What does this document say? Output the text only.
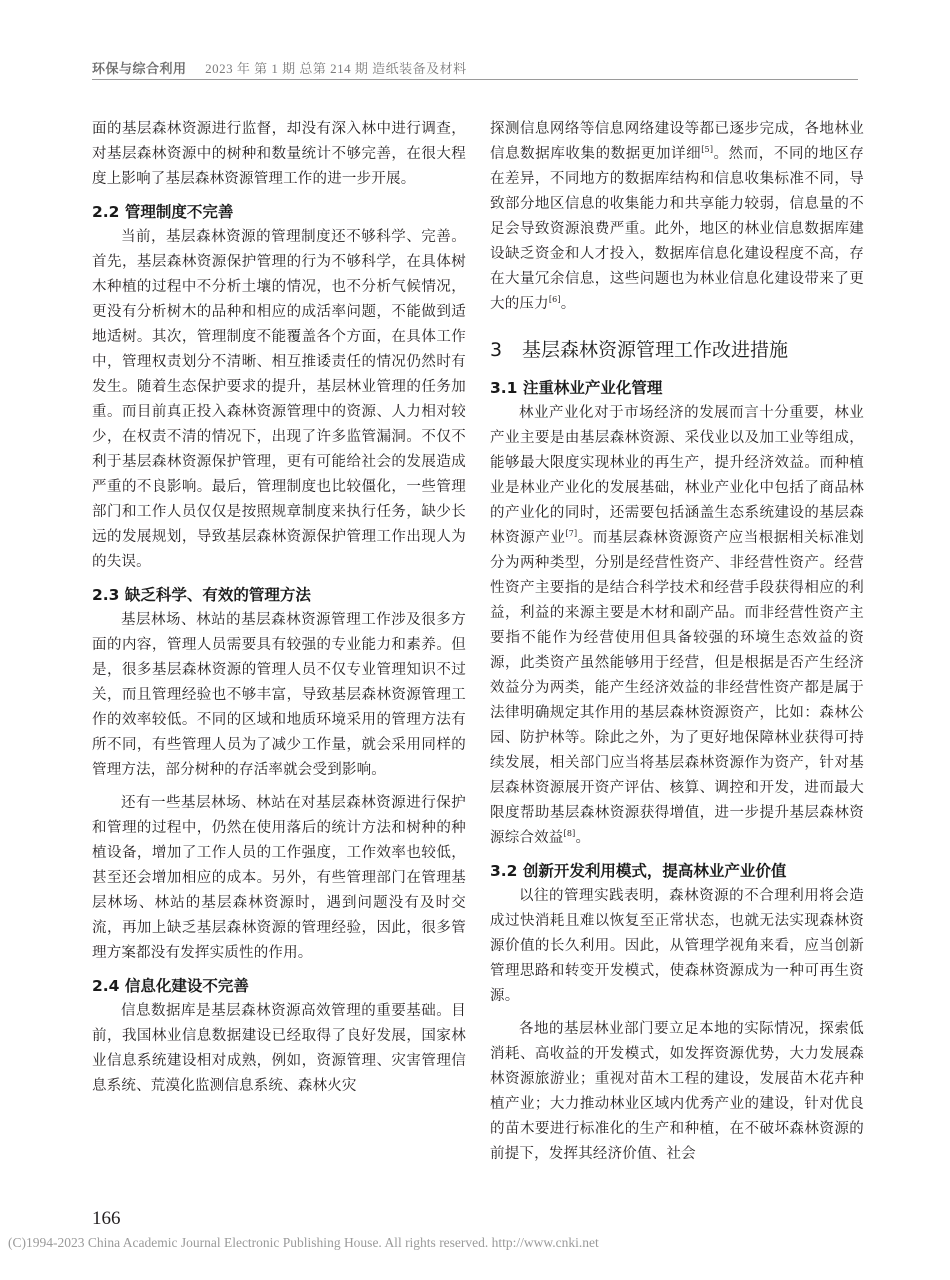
环保与综合利用 2023 年 第 1 期 总第 214 期 造纸装备及材料

面的基层森林资源进行监督，却没有深入林中进行调查，对基层森林资源中的树种和数量统计不够完善，在很大程度上影响了基层森林资源管理工作的进一步开展。

2.2 管理制度不完善

当前，基层森林资源的管理制度还不够科学、完善。首先，基层森林资源保护管理的行为不够科学，在具体树木种植的过程中不分析土壤的情况，也不分析气候情况，更没有分析树木的品种和相应的成活率问题，不能做到适地适树。其次，管理制度不能覆盖各个方面，在具体工作中，管理权责划分不清晰、相互推诿责任的情况仍然时有发生。随着生态保护要求的提升，基层林业管理的任务加重。而目前真正投入森林资源管理中的资源、人力相对较少，在权责不清的情况下，出现了许多监管漏洞。不仅不利于基层森林资源保护管理，更有可能给社会的发展造成严重的不良影响。最后，管理制度也比较僵化，一些管理部门和工作人员仅仅是按照规章制度来执行任务，缺少长远的发展规划，导致基层森林资源保护管理工作出现人为的失误。

2.3 缺乏科学、有效的管理方法

基层林场、林站的基层森林资源管理工作涉及很多方面的内容，管理人员需要具有较强的专业能力和素养。但是，很多基层森林资源的管理人员不仅专业管理知识不过关，而且管理经验也不够丰富，导致基层森林资源管理工作的效率较低。不同的区域和地质环境采用的管理方法有所不同，有些管理人员为了减少工作量，就会采用同样的管理方法，部分树种的存活率就会受到影响。

还有一些基层林场、林站在对基层森林资源进行保护和管理的过程中，仍然在使用落后的统计方法和树种的种植设备，增加了工作人员的工作强度，工作效率也较低，甚至还会增加相应的成本。另外，有些管理部门在管理基层林场、林站的基层森林资源时，遇到问题没有及时交流，再加上缺乏基层森林资源的管理经验，因此，很多管理方案都没有发挥实质性的作用。

2.4 信息化建设不完善

信息数据库是基层森林资源高效管理的重要基础。目前，我国林业信息数据建设已经取得了良好发展，国家林业信息系统建设相对成熟，例如，资源管理、灾害管理信息系统、荒漠化监测信息系统、森林火灾

探测信息网络等信息网络建设等都已逐步完成，各地林业信息数据库收集的数据更加详细[5]。然而，不同的地区存在差异，不同地方的数据库结构和信息收集标准不同，导致部分地区信息的收集能力和共享能力较弱，信息量的不足会导致资源浪费严重。此外，地区的林业信息数据库建设缺乏资金和人才投入，数据库信息化建设程度不高，存在大量冗余信息，这些问题也为林业信息化建设带来了更大的压力[6]。

3 基层森林资源管理工作改进措施
3.1 注重林业产业化管理

林业产业化对于市场经济的发展而言十分重要，林业产业主要是由基层森林资源、采伐业以及加工业等组成，能够最大限度实现林业的再生产，提升经济效益。而种植业是林业产业化的发展基础，林业产业化中包括了商品林的产业化的同时，还需要包括涵盖生态系统建设的基层森林资源产业[7]。而基层森林资源资产应当根据相关标准划分为两种类型，分别是经营性资产、非经营性资产。经营性资产主要指的是结合科学技术和经营手段获得相应的利益，利益的来源主要是木材和副产品。而非经营性资产主要指不能作为经营使用但具备较强的环境生态效益的资源，此类资产虽然能够用于经营，但是根据是否产生经济效益分为两类，能产生经济效益的非经营性资产都是属于法律明确规定其作用的基层森林资源资产，比如：森林公园、防护林等。除此之外，为了更好地保障林业获得可持续发展，相关部门应当将基层森林资源作为资产，针对基层森林资源展开资产评估、核算、调控和开发，进而最大限度帮助基层森林资源获得增值，进一步提升基层森林资源综合效益[8]。

3.2 创新开发利用模式，提高林业产业价值

以往的管理实践表明，森林资源的不合理利用将会造成过快消耗且难以恢复至正常状态，也就无法实现森林资源价值的长久利用。因此，从管理学视角来看，应当创新管理思路和转变开发模式，使森林资源成为一种可再生资源。

各地的基层林业部门要立足本地的实际情况，探索低消耗、高收益的开发模式，如发挥资源优势，大力发展森林资源旅游业；重视对苗木工程的建设，发展苗木花卉种植产业；大力推动林业区域内优秀产业的建设，针对优良的苗木要进行标准化的生产和种植，在不破坏森林资源的前提下，发挥其经济价值、社会

166
(C)1994-2023 China Academic Journal Electronic Publishing House. All rights reserved. http://www.cnki.net
